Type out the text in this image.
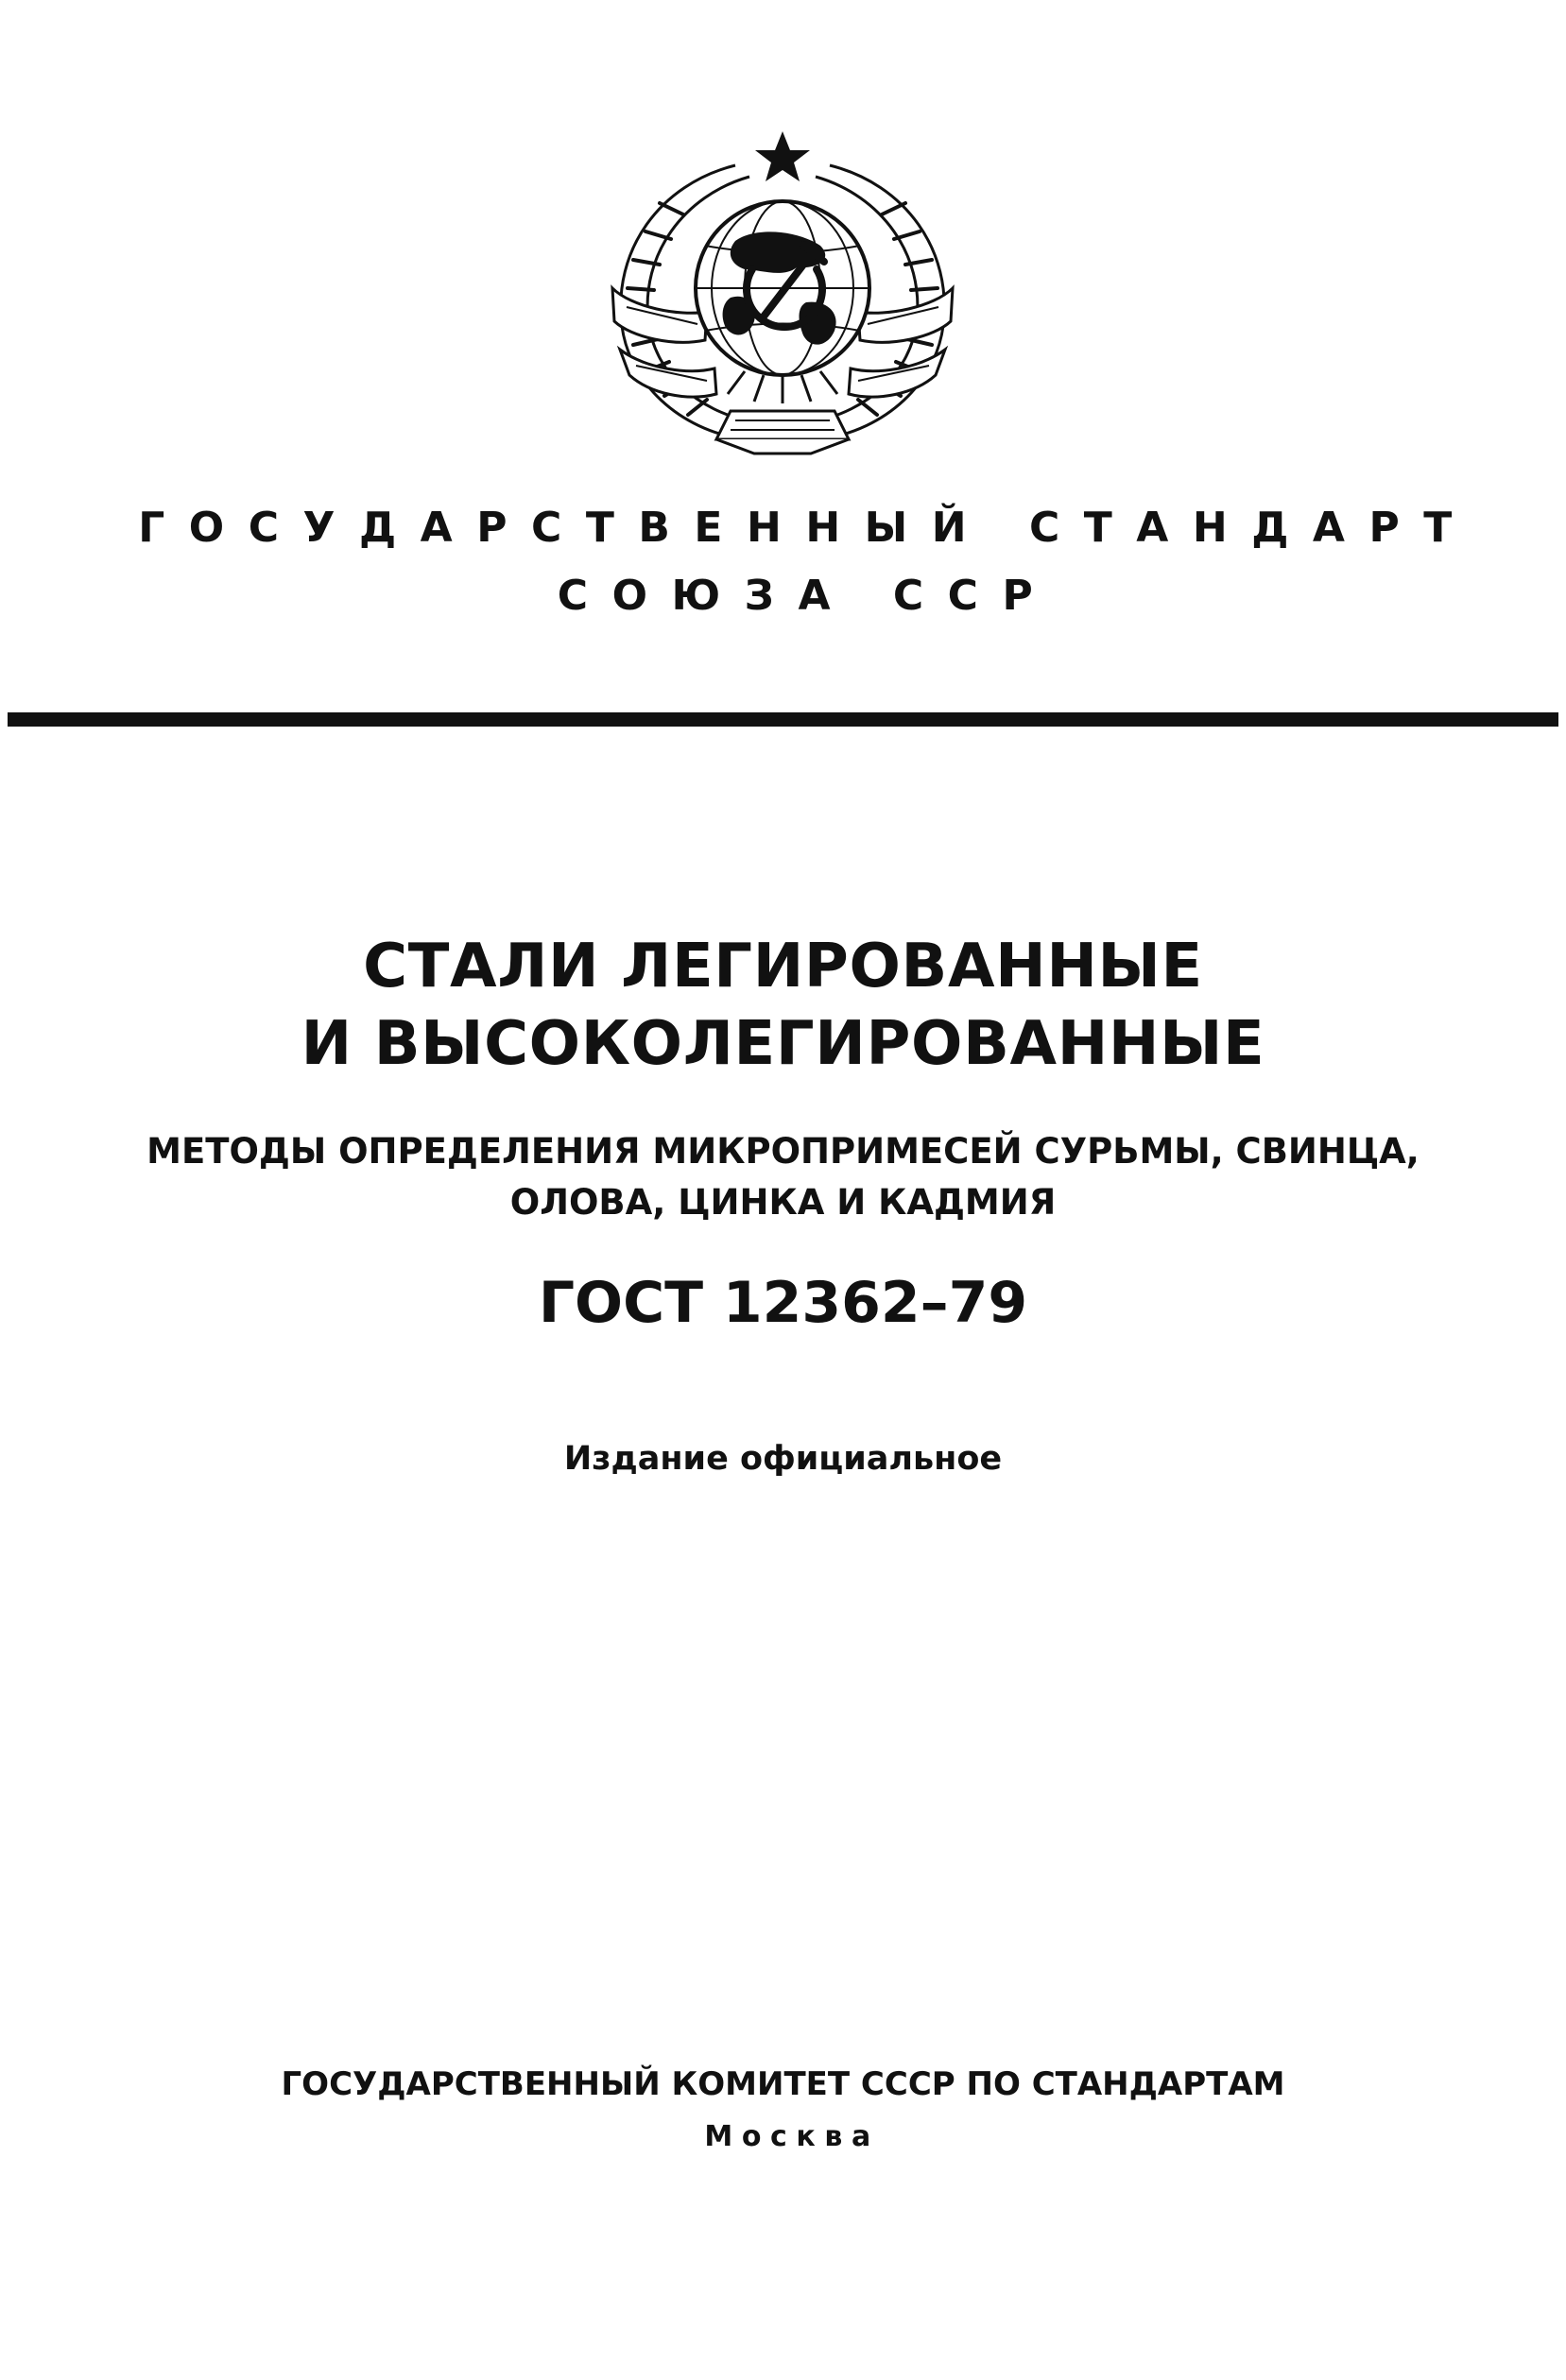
ГОСУДАРСТВЕННЫЙ СТАНДАРТ
СОЮЗА ССР
СТАЛИ ЛЕГИРОВАННЫЕ
И ВЫСОКОЛЕГИРОВАННЫЕ
МЕТОДЫ ОПРЕДЕЛЕНИЯ МИКРОПРИМЕСЕЙ СУРЬМЫ, СВИНЦА,
ОЛОВА, ЦИНКА И КАДМИЯ
ГОСТ 12362–79
Издание официальное
ГОСУДАРСТВЕННЫЙ КОМИТЕТ СССР ПО СТАНДАРТАМ
Москва
